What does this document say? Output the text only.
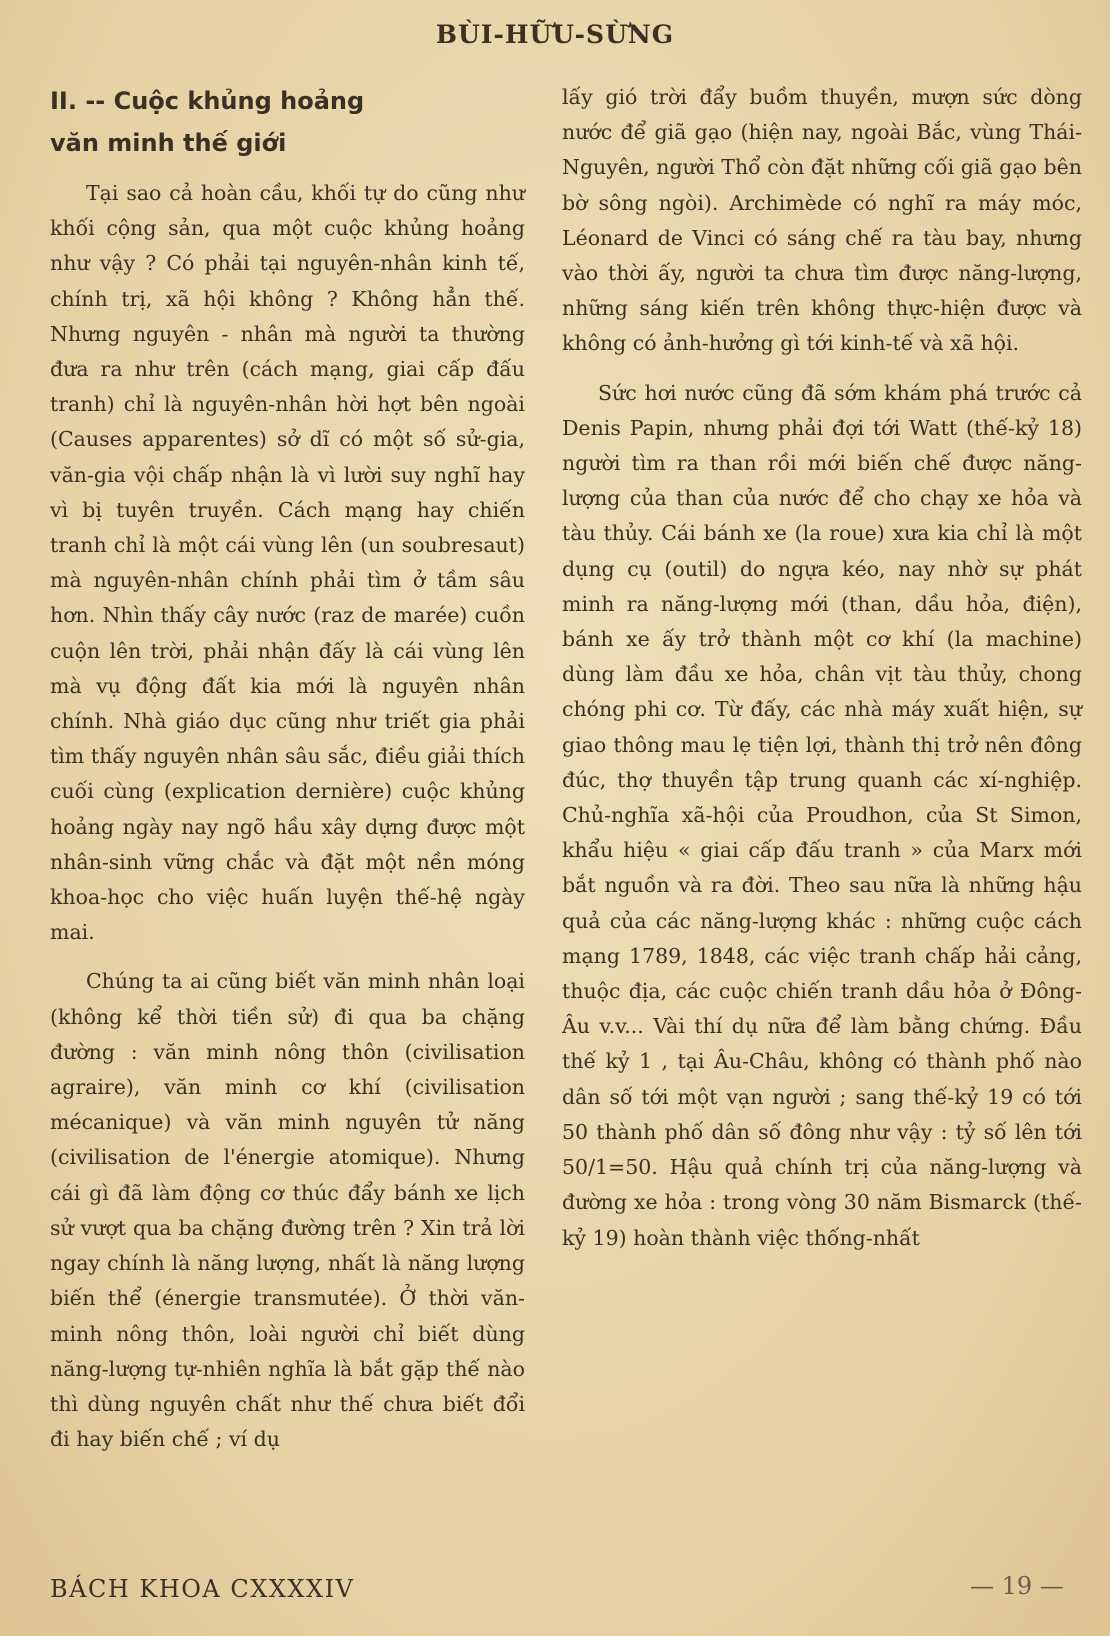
BÙI-HỮU-SỪNG
II. -- Cuộc khủng hoảng
văn minh thế giới

Tại sao cả hoàn cầu, khối tự do cũng như khối cộng sản, qua một cuộc khủng hoảng như vậy ? Có phải tại nguyên-nhân kinh tế, chính trị, xã hội không ? Không hẳn thế. Nhưng nguyên - nhân mà người ta thường đưa ra như trên (cách mạng, giai cấp đấu tranh) chỉ là nguyên-nhân hời hợt bên ngoài (Causes apparentes) sở dĩ có một số sử-gia, văn-gia vội chấp nhận là vì lười suy nghĩ hay vì bị tuyên truyền. Cách mạng hay chiến tranh chỉ là một cái vùng lên (un soubresaut) mà nguyên-nhân chính phải tìm ở tầm sâu hơn. Nhìn thấy cây nước (raz de marée) cuồn cuộn lên trời, phải nhận đấy là cái vùng lên mà vụ động đất kia mới là nguyên nhân chính. Nhà giáo dục cũng như triết gia phải tìm thấy nguyên nhân sâu sắc, điều giải thích cuối cùng (explication dernière) cuộc khủng hoảng ngày nay ngõ hầu xây dựng được một nhân-sinh vững chắc và đặt một nền móng khoa-học cho việc huấn luyện thế-hệ ngày mai.

Chúng ta ai cũng biết văn minh nhân loại (không kể thời tiền sử) đi qua ba chặng đường : văn minh nông thôn (civilisation agraire), văn minh cơ khí (civilisation mécanique) và văn minh nguyên tử năng (civilisation de l'énergie atomique). Nhưng cái gì đã làm động cơ thúc đẩy bánh xe lịch sử vượt qua ba chặng đường trên ? Xin trả lời ngay chính là năng lượng, nhất là năng lượng biến thể (énergie transmutée). Ở thời văn-minh nông thôn, loài người chỉ biết dùng năng-lượng tự-nhiên nghĩa là bắt gặp thế nào thì dùng nguyên chất như thế chưa biết đổi đi hay biến chế ; ví dụ

lấy gió trời đẩy buồm thuyền, mượn sức dòng nước để giã gạo (hiện nay, ngoài Bắc, vùng Thái-Nguyên, người Thổ còn đặt những cối giã gạo bên bờ sông ngòi). Archimède có nghĩ ra máy móc, Léonard de Vinci có sáng chế ra tàu bay, nhưng vào thời ấy, người ta chưa tìm được năng-lượng, những sáng kiến trên không thực-hiện được và không có ảnh-hưởng gì tới kinh-tế và xã hội.

Sức hơi nước cũng đã sớm khám phá trước cả Denis Papin, nhưng phải đợi tới Watt (thế-kỷ 18) người tìm ra than rồi mới biến chế được năng-lượng của than của nước để cho chạy xe hỏa và tàu thủy. Cái bánh xe (la roue) xưa kia chỉ là một dụng cụ (outil) do ngựa kéo, nay nhờ sự phát minh ra năng-lượng mới (than, dầu hỏa, điện), bánh xe ấy trở thành một cơ khí (la machine) dùng làm đầu xe hỏa, chân vịt tàu thủy, chong chóng phi cơ. Từ đấy, các nhà máy xuất hiện, sự giao thông mau lẹ tiện lợi, thành thị trở nên đông đúc, thợ thuyền tập trung quanh các xí-nghiệp. Chủ-nghĩa xã-hội của Proudhon, của St Simon, khẩu hiệu « giai cấp đấu tranh » của Marx mới bắt nguồn và ra đời. Theo sau nữa là những hậu quả của các năng-lượng khác : những cuộc cách mạng 1789, 1848, các việc tranh chấp hải cảng, thuộc địa, các cuộc chiến tranh dầu hỏa ở Đông-Âu v.v... Vài thí dụ nữa để làm bằng chứng. Đầu thế kỷ 1 , tại Âu-Châu, không có thành phố nào dân số tới một vạn người ; sang thế-kỷ 19 có tới 50 thành phố dân số đông như vậy : tỷ số lên tới 50/1=50. Hậu quả chính trị của năng-lượng và đường xe hỏa : trong vòng 30 năm Bismarck (thế-kỷ 19) hoàn thành việc thống-nhất

BÁCH KHOA CXXXXIV	— 19 —
